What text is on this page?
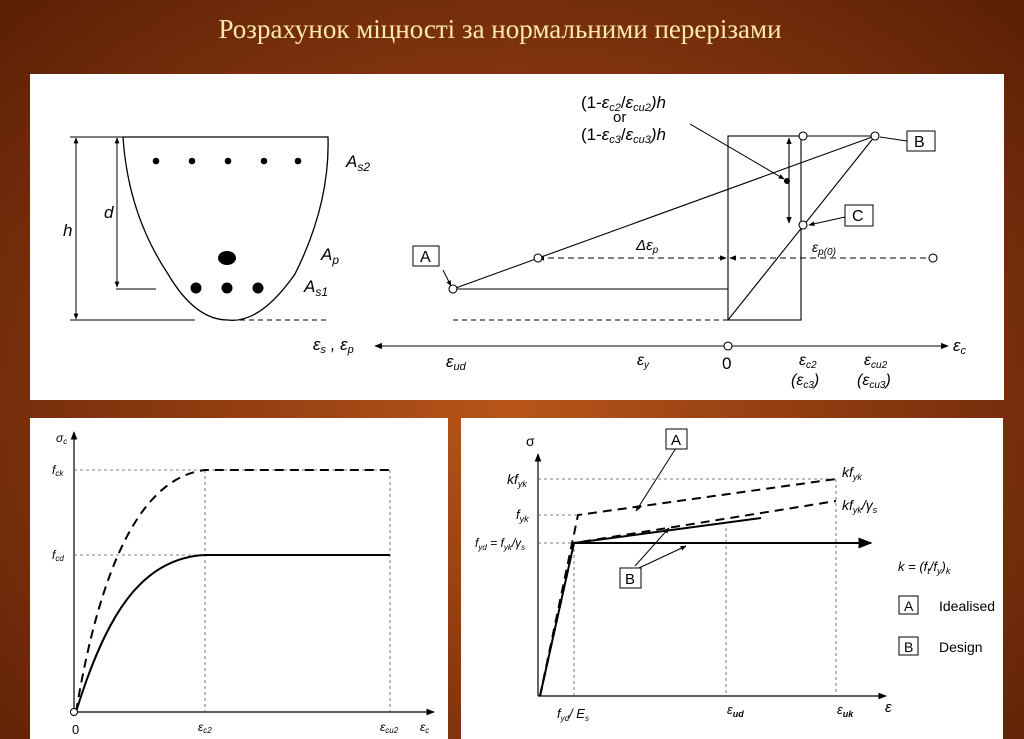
Розрахунок міцності за нормальними перерізами
h
d
$A_{s2}$
$A_p$
$A_{s1}$
(1-εc2/εcu2)h
or
(1-εc3/εcu3)h
A
B
C
$\Delta\varepsilon_p$	$\varepsilon_{p(0)}$
εs , εp	εc
εud	εy	0	εc2
(εc3)
εcu2
(εcu3)
σc
fck
fcd
0	εc2	εcu2 εc
A
B
σ
$kf_{yk}$
$f_{yk}$
$f_{yd} = f_{yk}/\gamma_s$
$kf_{yk}$
$kf_{yk}/\gamma_s$
$k = (f_t/f_y)_k$
A Idealised
B Design
$f_{yd}/$ $E_s$
$\varepsilon_{ud}$	$\varepsilon_{uk}$ ε
